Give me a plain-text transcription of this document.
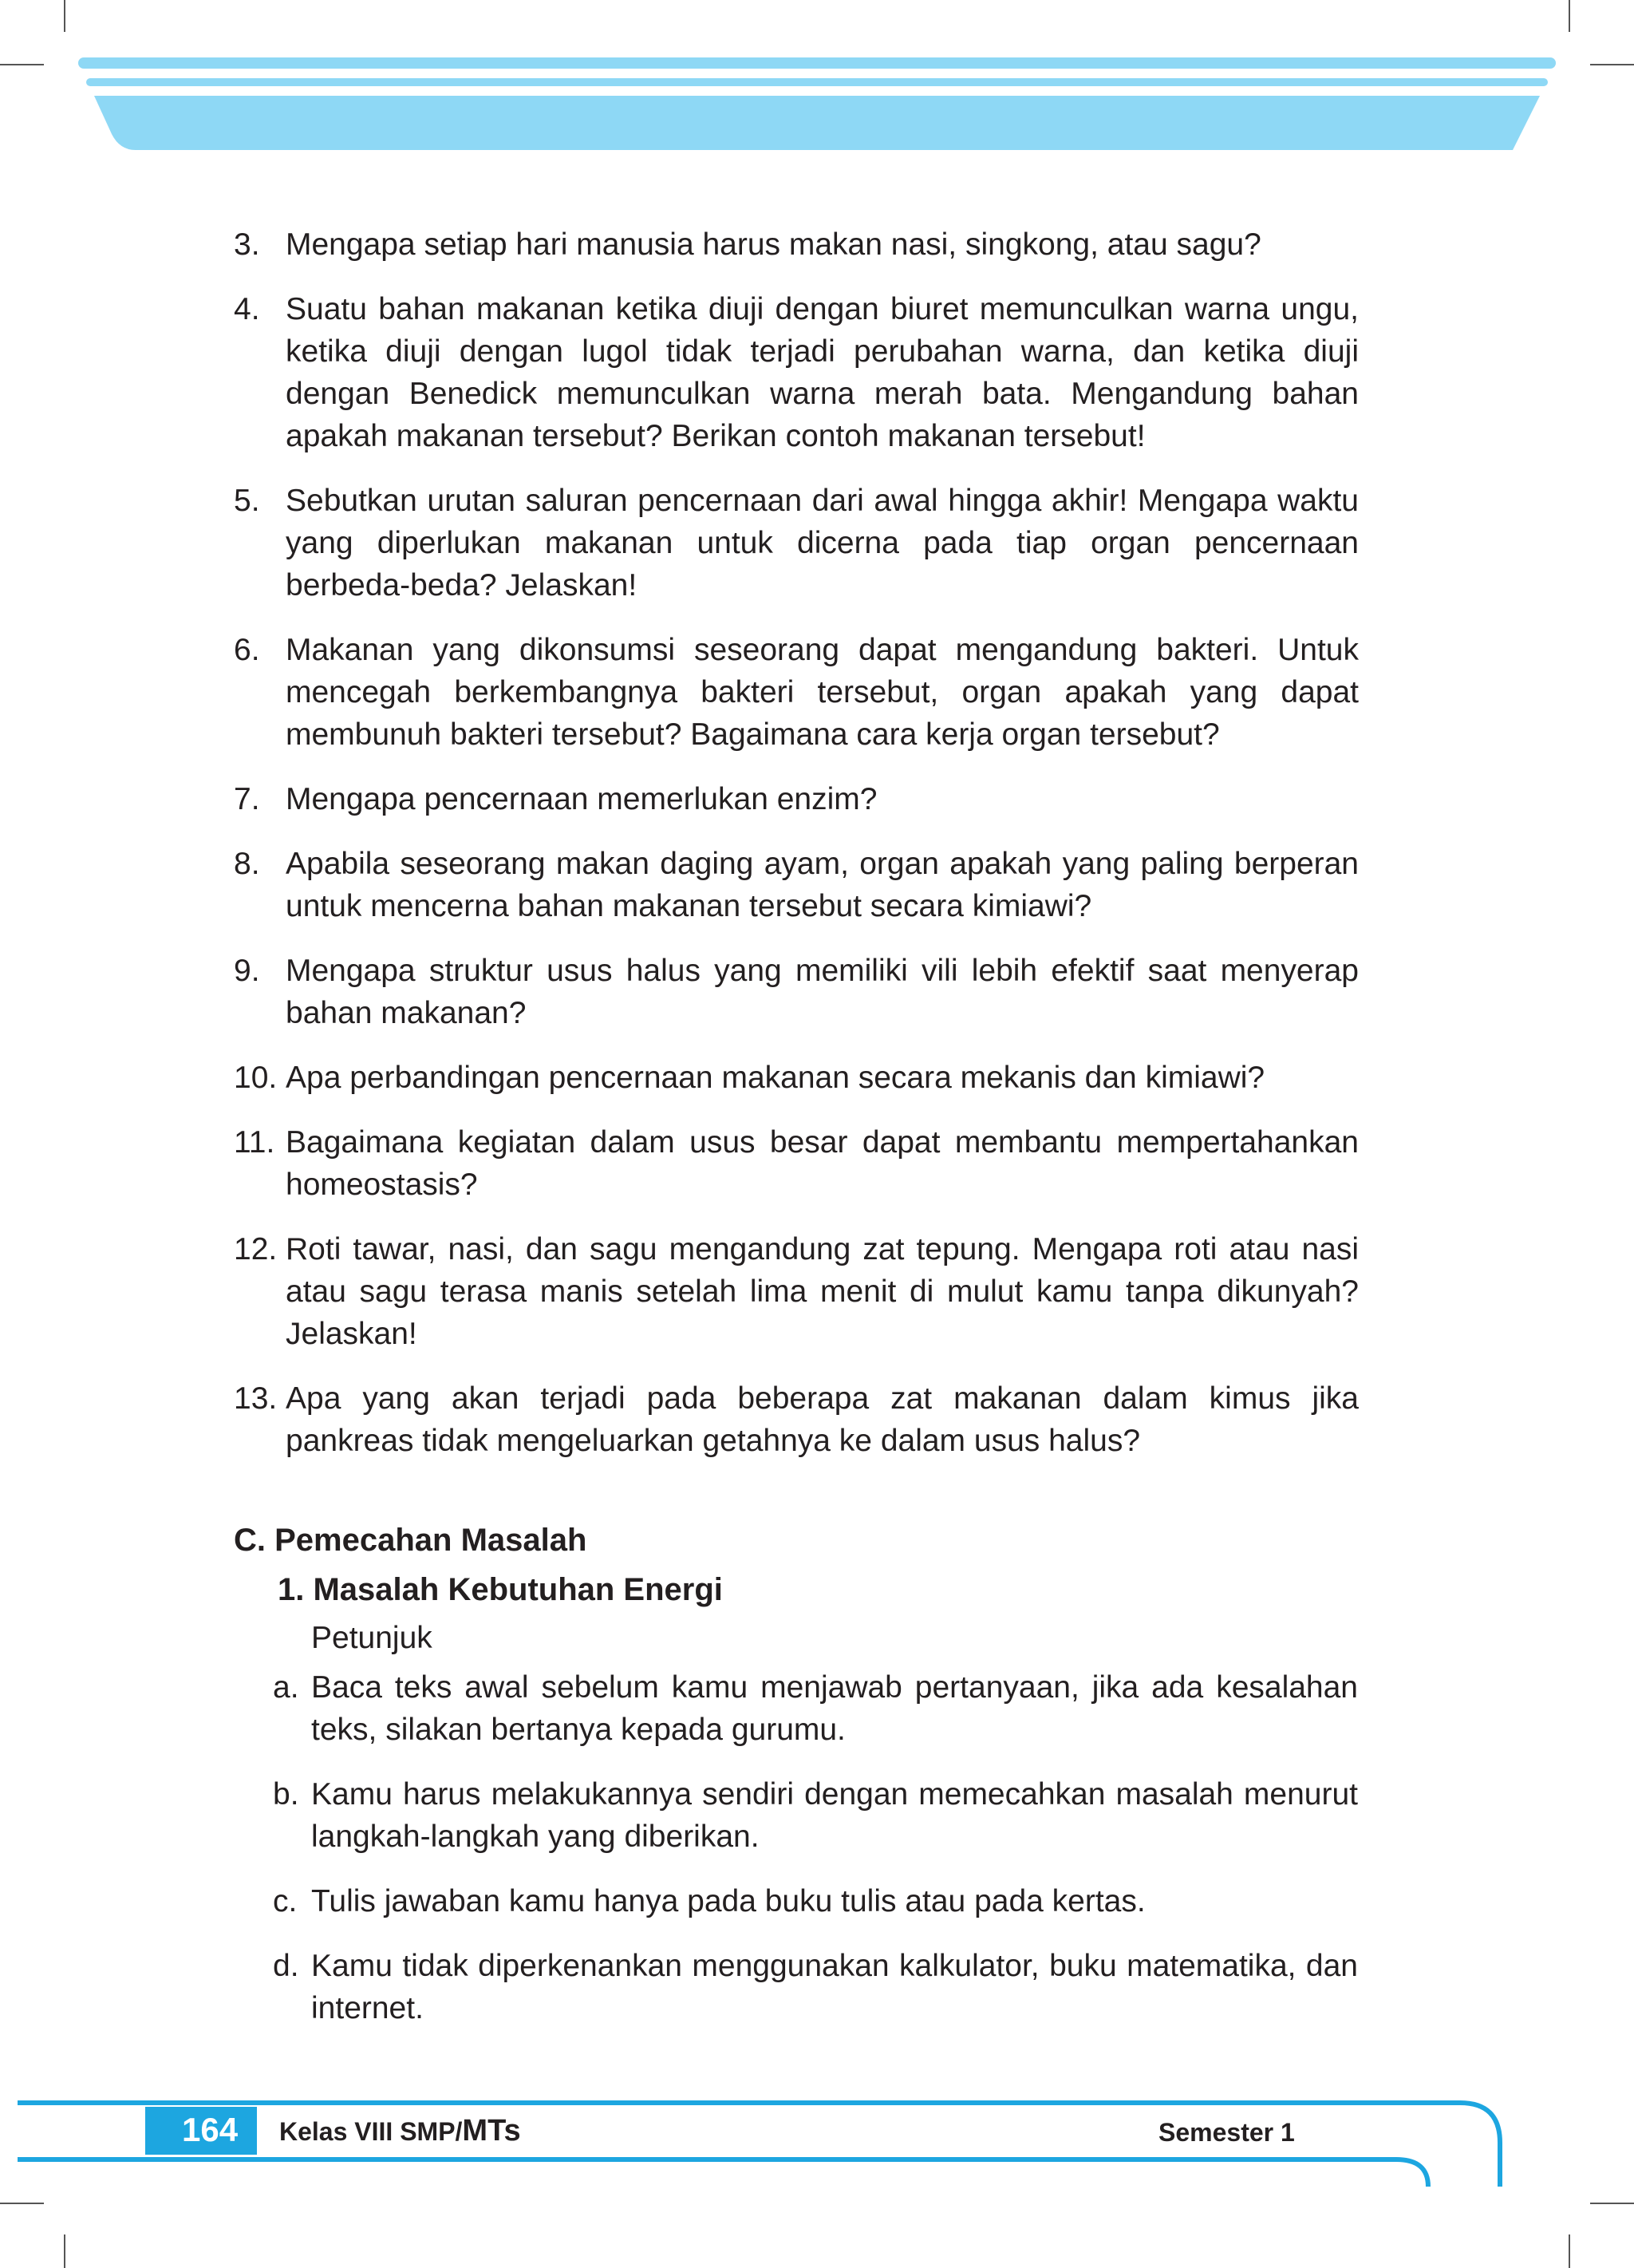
3. Mengapa setiap hari manusia harus makan nasi, singkong, atau sagu?
4. Suatu bahan makanan ketika diuji dengan biuret memunculkan warna ungu, ketika diuji dengan lugol tidak terjadi perubahan warna, dan ketika diuji dengan Benedick memunculkan warna merah bata. Mengandung bahan apakah makanan tersebut? Berikan contoh makanan tersebut!
5. Sebutkan urutan saluran pencernaan dari awal hingga akhir! Mengapa waktu yang diperlukan makanan untuk dicerna pada tiap organ pencernaan berbeda-beda? Jelaskan!
6. Makanan yang dikonsumsi seseorang dapat mengandung bakteri. Untuk mencegah berkembangnya bakteri tersebut, organ apakah yang dapat membunuh bakteri tersebut? Bagaimana cara kerja organ tersebut?
7. Mengapa pencernaan memerlukan enzim?
8. Apabila seseorang makan daging ayam, organ apakah yang paling berperan untuk mencerna bahan makanan tersebut secara kimiawi?
9. Mengapa struktur usus halus yang memiliki vili lebih efektif saat menyerap bahan makanan?
10. Apa perbandingan pencernaan makanan secara mekanis dan kimiawi?
11. Bagaimana kegiatan dalam usus besar dapat membantu mempertahankan homeostasis?
12. Roti tawar, nasi, dan sagu mengandung zat tepung. Mengapa roti atau nasi atau sagu terasa manis setelah lima menit di mulut kamu tanpa dikunyah? Jelaskan!
13. Apa yang akan terjadi pada beberapa zat makanan dalam kimus jika pankreas tidak mengeluarkan getahnya ke dalam usus halus?
C. Pemecahan Masalah
1. Masalah Kebutuhan Energi
Petunjuk
a. Baca teks awal sebelum kamu menjawab pertanyaan, jika ada kesalahan teks, silakan bertanya kepada gurumu.
b. Kamu harus melakukannya sendiri dengan memecahkan masalah menurut langkah-langkah yang diberikan.
c. Tulis jawaban kamu hanya pada buku tulis atau pada kertas.
d. Kamu tidak diperkenankan menggunakan kalkulator, buku matematika, dan internet.
164 Kelas VIII SMP/MTs	Semester 1
